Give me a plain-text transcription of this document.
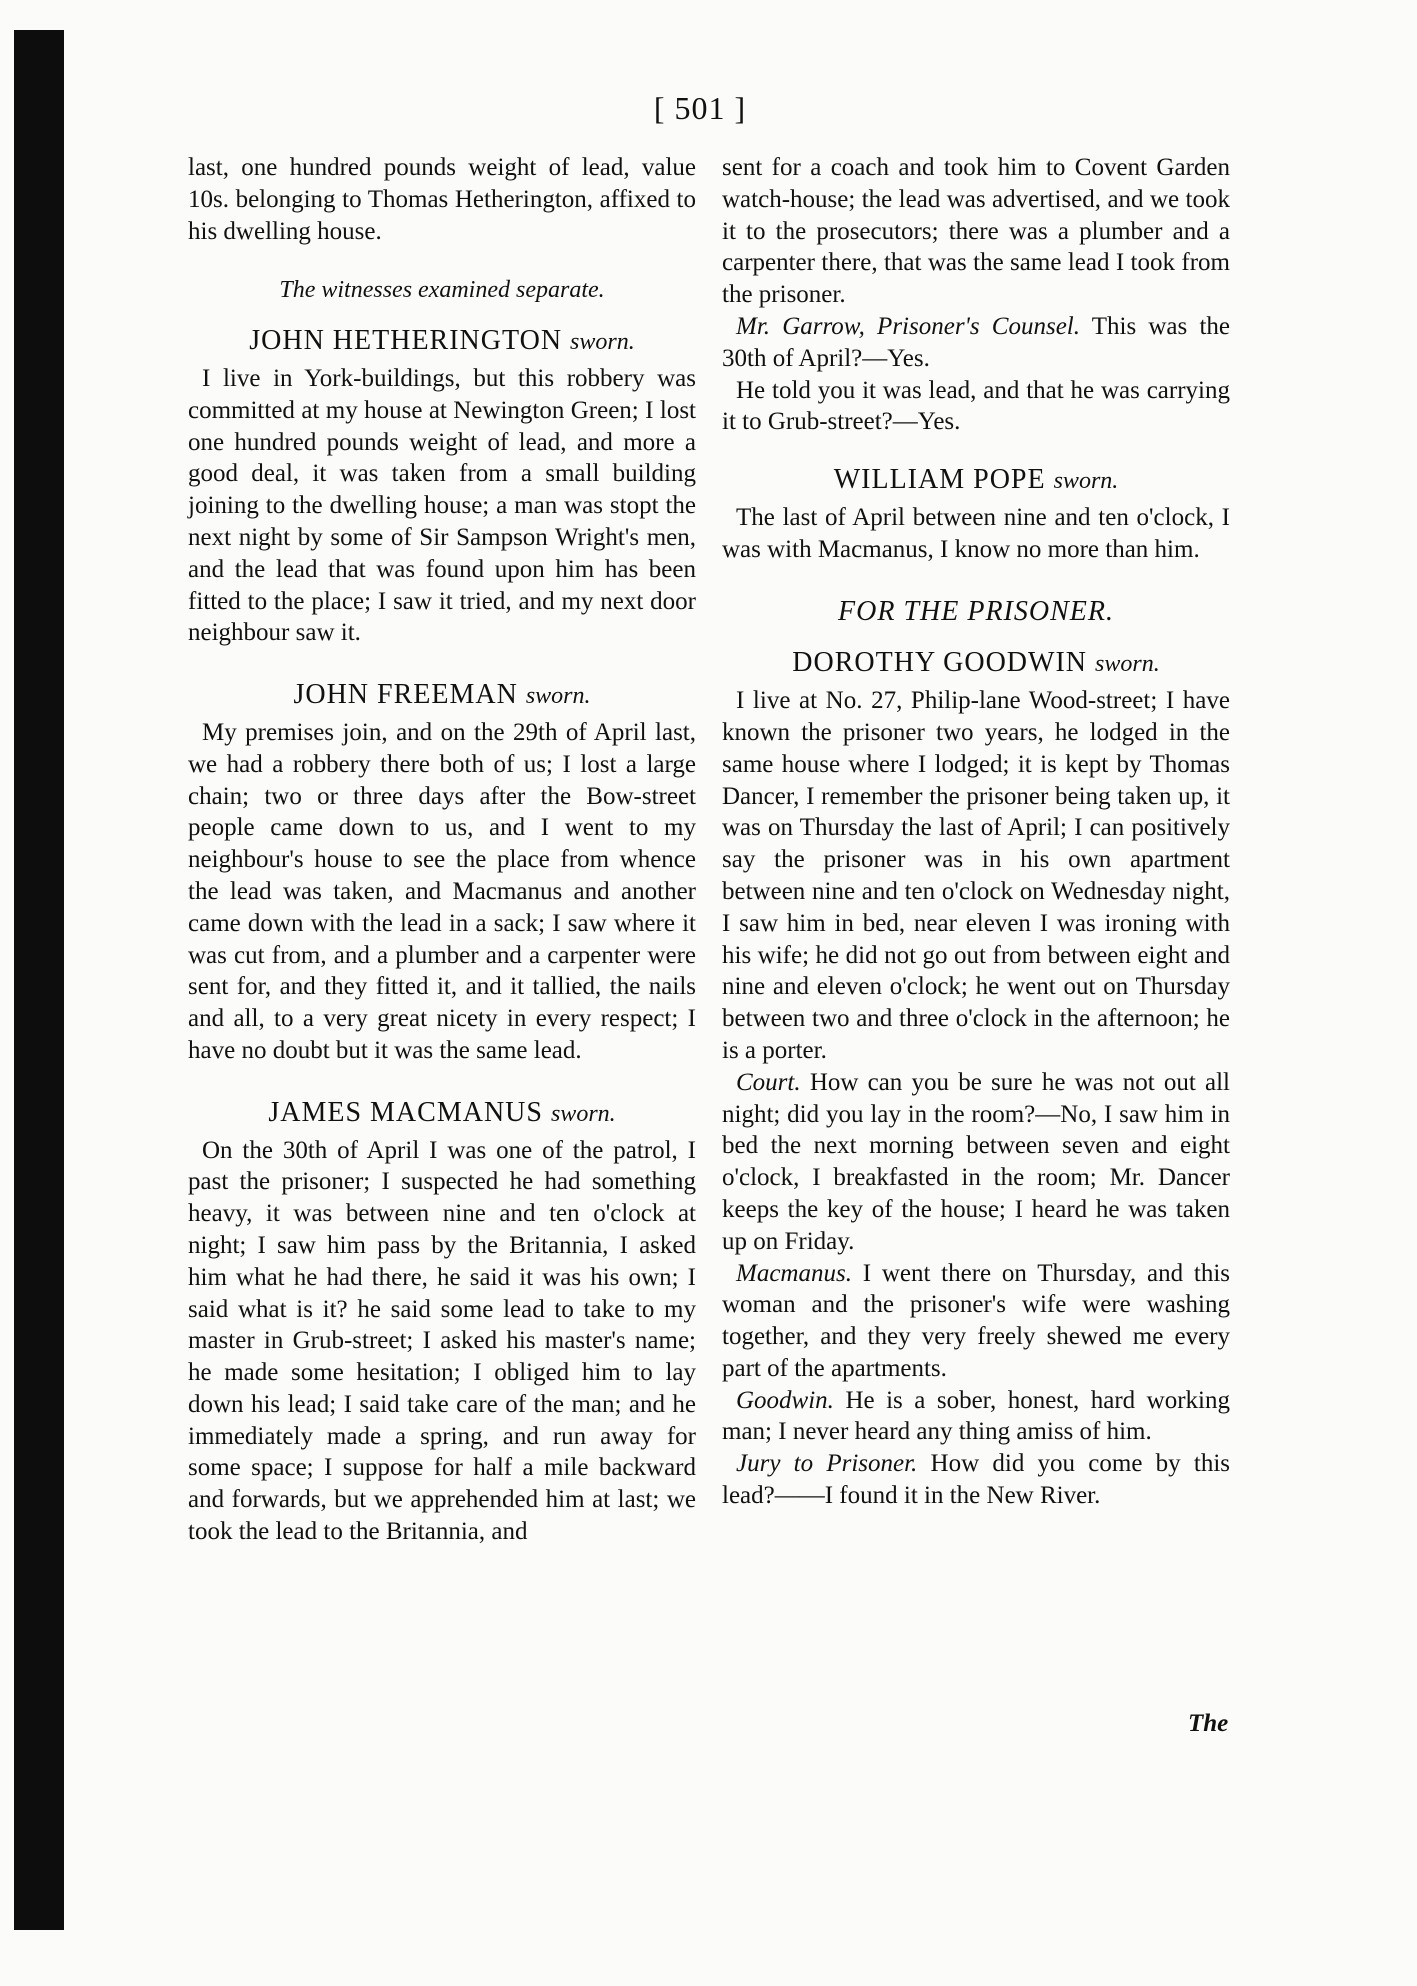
[ 501 ]

last, one hundred pounds weight of lead, value 10s. belonging to Thomas Hetherington, affixed to his dwelling house.

The witnesses examined separate.
JOHN HETHERINGTON sworn.

I live in York-buildings, but this robbery was committed at my house at Newington Green; I lost one hundred pounds weight of lead, and more a good deal, it was taken from a small building joining to the dwelling house; a man was stopt the next night by some of Sir Sampson Wright's men, and the lead that was found upon him has been fitted to the place; I saw it tried, and my next door neighbour saw it.

JOHN FREEMAN sworn.

My premises join, and on the 29th of April last, we had a robbery there both of us; I lost a large chain; two or three days after the Bow-street people came down to us, and I went to my neighbour's house to see the place from whence the lead was taken, and Macmanus and another came down with the lead in a sack; I saw where it was cut from, and a plumber and a carpenter were sent for, and they fitted it, and it tallied, the nails and all, to a very great nicety in every respect; I have no doubt but it was the same lead.

JAMES MACMANUS sworn.

On the 30th of April I was one of the patrol, I past the prisoner; I suspected he had something heavy, it was between nine and ten o'clock at night; I saw him pass by the Britannia, I asked him what he had there, he said it was his own; I said what is it? he said some lead to take to my master in Grub-street; I asked his master's name; he made some hesitation; I obliged him to lay down his lead; I said take care of the man; and he immediately made a spring, and run away for some space; I suppose for half a mile backward and forwards, but we apprehended him at last; we took the lead to the Britannia, and

sent for a coach and took him to Covent Garden watch-house; the lead was advertised, and we took it to the prosecutors; there was a plumber and a carpenter there, that was the same lead I took from the prisoner.

Mr. Garrow, Prisoner's Counsel. This was the 30th of April?—Yes.

He told you it was lead, and that he was carrying it to Grub-street?—Yes.

WILLIAM POPE sworn.

The last of April between nine and ten o'clock, I was with Macmanus, I know no more than him.

FOR THE PRISONER.
DOROTHY GOODWIN sworn.

I live at No. 27, Philip-lane Wood-street; I have known the prisoner two years, he lodged in the same house where I lodged; it is kept by Thomas Dancer, I remember the prisoner being taken up, it was on Thursday the last of April; I can positively say the prisoner was in his own apartment between nine and ten o'clock on Wednesday night, I saw him in bed, near eleven I was ironing with his wife; he did not go out from between eight and nine and eleven o'clock; he went out on Thursday between two and three o'clock in the afternoon; he is a porter.

Court. How can you be sure he was not out all night; did you lay in the room?—No, I saw him in bed the next morning between seven and eight o'clock, I breakfasted in the room; Mr. Dancer keeps the key of the house; I heard he was taken up on Friday.

Macmanus. I went there on Thursday, and this woman and the prisoner's wife were washing together, and they very freely shewed me every part of the apartments.

Goodwin. He is a sober, honest, hard working man; I never heard any thing amiss of him.

Jury to Prisoner. How did you come by this lead?——I found it in the New River.

The
